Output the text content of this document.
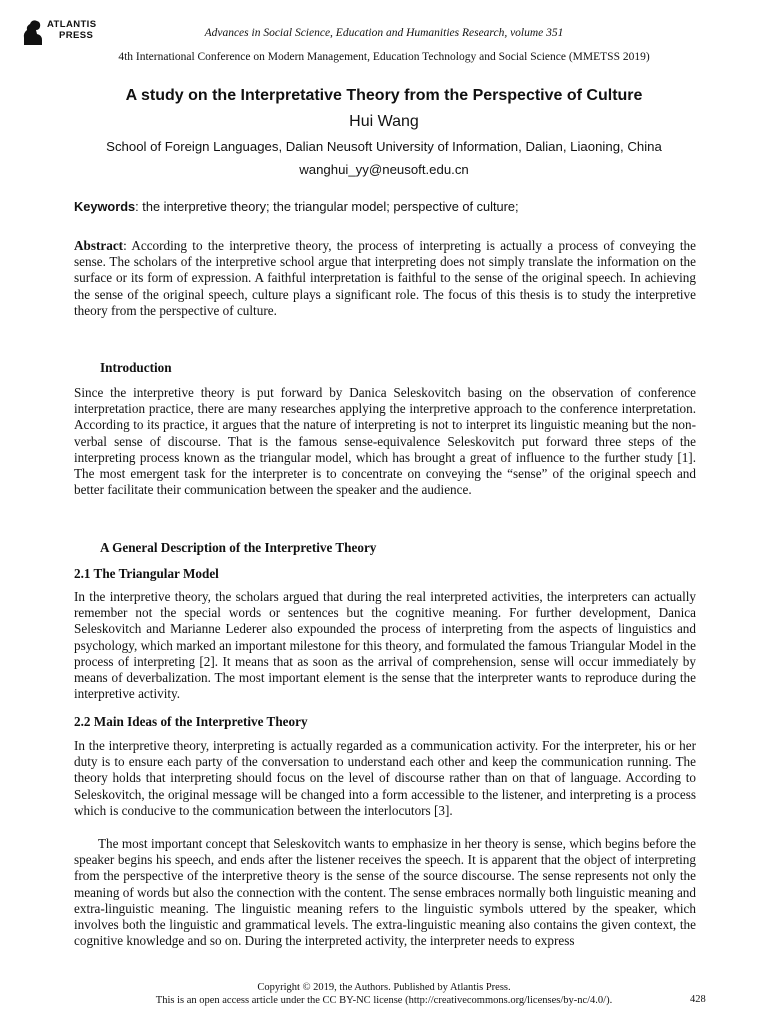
ATLANTIS
PRESS	Advances in Social Science, Education and Humanities Research, volume 351
4th International Conference on Modern Management, Education Technology and Social Science (MMETSS 2019)
A study on the Interpretative Theory from the Perspective of Culture
Hui Wang
School of Foreign Languages, Dalian Neusoft University of Information, Dalian, Liaoning, China
wanghui_yy@neusoft.edu.cn
Keywords: the interpretive theory; the triangular model; perspective of culture;

Abstract: According to the interpretive theory, the process of interpreting is actually a process of conveying the sense. The scholars of the interpretive school argue that interpreting does not simply translate the information on the surface or its form of expression. A faithful interpretation is faithful to the sense of the original speech. In achieving the sense of the original speech, culture plays a significant role. The focus of this thesis is to study the interpretive theory from the perspective of culture.

Introduction

Since the interpretive theory is put forward by Danica Seleskovitch basing on the observation of conference interpretation practice, there are many researches applying the interpretive approach to the conference interpretation. According to its practice, it argues that the nature of interpreting is not to interpret its linguistic meaning but the non-verbal sense of discourse. That is the famous sense-equivalence Seleskovitch put forward three steps of the interpreting process known as the triangular model, which has brought a great of influence to the further study [1]. The most emergent task for the interpreter is to concentrate on conveying the “sense” of the original speech and better facilitate their communication between the speaker and the audience.

A General Description of the Interpretive Theory
2.1 The Triangular Model

In the interpretive theory, the scholars argued that during the real interpreted activities, the interpreters can actually remember not the special words or sentences but the cognitive meaning. For further development, Danica Seleskovitch and Marianne Lederer also expounded the process of interpreting from the aspects of linguistics and psychology, which marked an important milestone for this theory, and formulated the famous Triangular Model in the process of interpreting [2]. It means that as soon as the arrival of comprehension, sense will occur immediately by means of deverbalization. The most important element is the sense that the interpreter wants to reproduce during the interpretive activity.

2.2 Main Ideas of the Interpretive Theory

In the interpretive theory, interpreting is actually regarded as a communication activity. For the interpreter, his or her duty is to ensure each party of the conversation to understand each other and keep the communication running. The theory holds that interpreting should focus on the level of discourse rather than on that of language. According to Seleskovitch, the original message will be changed into a form accessible to the listener, and interpreting is a process which is conducive to the communication between the interlocutors [3].

The most important concept that Seleskovitch wants to emphasize in her theory is sense, which begins before the speaker begins his speech, and ends after the listener receives the speech. It is apparent that the object of interpreting from the perspective of the interpretive theory is the sense of the source discourse. The sense represents not only the meaning of words but also the connection with the content. The sense embraces normally both linguistic meaning and extra-linguistic meaning. The linguistic meaning refers to the linguistic symbols uttered by the speaker, which involves both the linguistic and grammatical levels. The extra-linguistic meaning also contains the given context, the cognitive knowledge and so on. During the interpreted activity, the interpreter needs to express

Copyright © 2019, the Authors. Published by Atlantis Press.
This is an open access article under the CC BY-NC license (http://creativecommons.org/licenses/by-nc/4.0/).	428
